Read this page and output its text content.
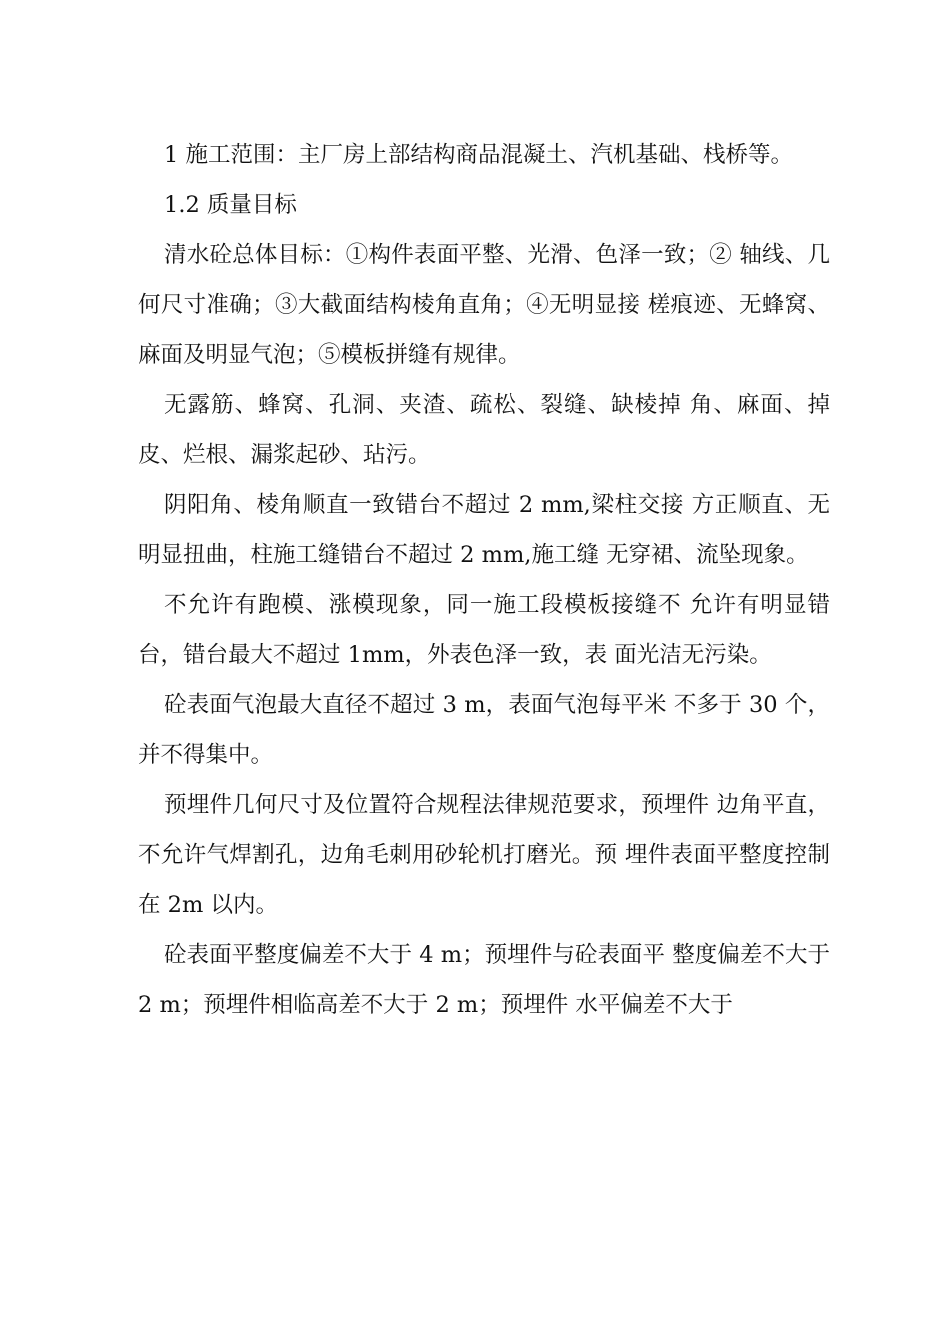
1 施工范围：主厂房上部结构商品混凝土、汽机基础、栈桥等。

1.2 质量目标

清水砼总体目标：①构件表面平整、光滑、色泽一致；② 轴线、几何尺寸准确；③大截面结构棱角直角；④无明显接 槎痕迹、无蜂窝、麻面及明显气泡；⑤模板拼缝有规律。

无露筋、蜂窝、孔洞、夹渣、疏松、裂缝、缺棱掉 角、麻面、掉皮、烂根、漏浆起砂、玷污。

阴阳角、棱角顺直一致错台不超过 2 mm,梁柱交接 方正顺直、无明显扭曲，柱施工缝错台不超过 2 mm,施工缝 无穿裙、流坠现象。

不允许有跑模、涨模现象，同一施工段模板接缝不 允许有明显错台，错台最大不超过 1mm，外表色泽一致，表 面光洁无污染。

砼表面气泡最大直径不超过 3 m，表面气泡每平米 不多于 30 个，并不得集中。

预埋件几何尺寸及位置符合规程法律规范要求，预埋件 边角平直，不允许气焊割孔，边角毛刺用砂轮机打磨光。预 埋件表面平整度控制在 2m 以内。

砼表面平整度偏差不大于 4 m；预埋件与砼表面平 整度偏差不大于 2 m；预埋件相临高差不大于 2 m；预埋件 水平偏差不大于
